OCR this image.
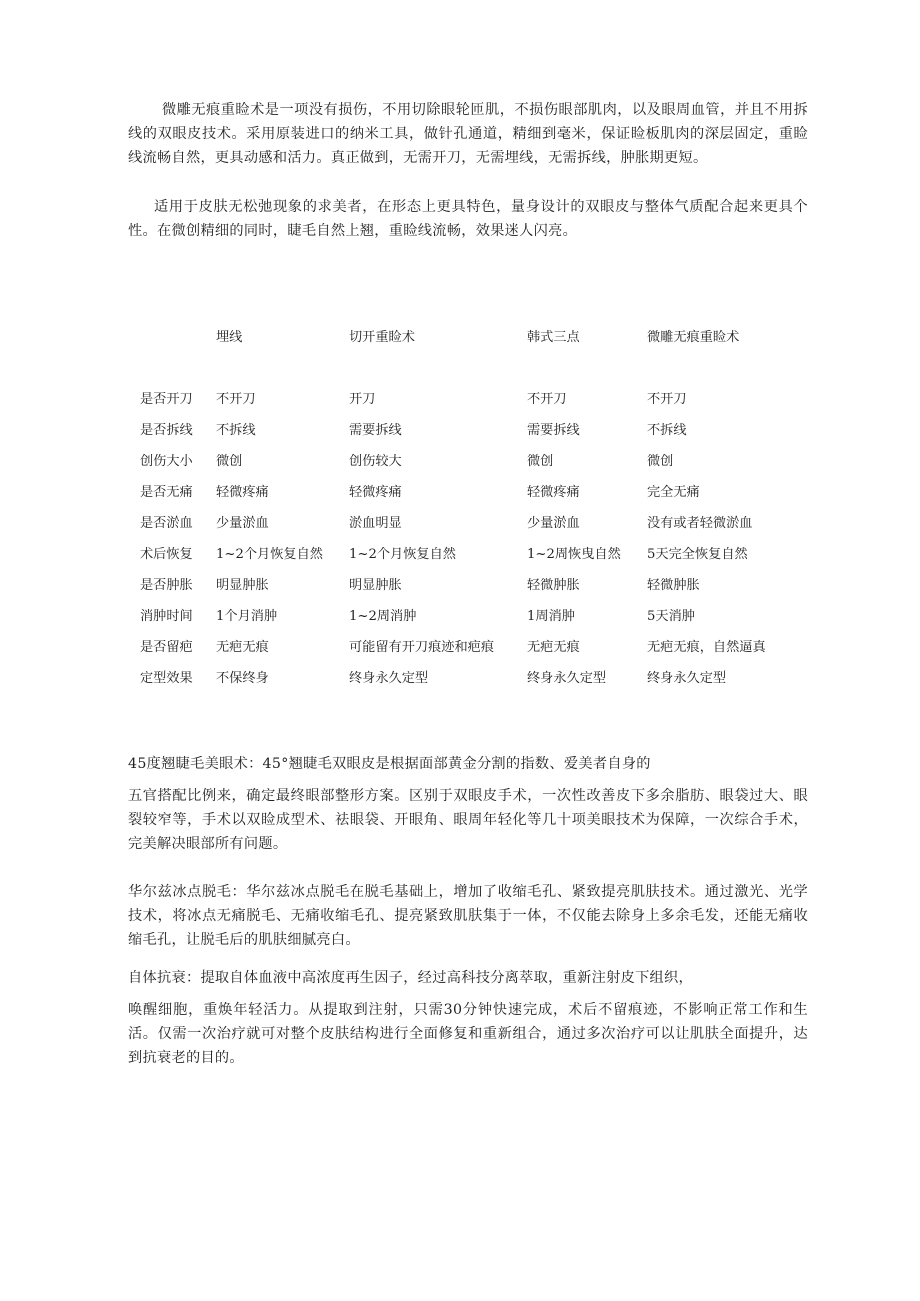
微雕无痕重睑术是一项没有损伤，不用切除眼轮匝肌，不损伤眼部肌肉，以及眼周血管，并且不用拆线的双眼皮技术。采用原装进口的纳米工具，做针孔通道，精细到毫米，保证睑板肌肉的深层固定，重睑线流畅自然，更具动感和活力。真正做到，无需开刀，无需埋线，无需拆线，肿胀期更短。

适用于皮肤无松弛现象的求美者，在形态上更具特色，量身设计的双眼皮与整体气质配合起来更具个性。在微创精细的同时，睫毛自然上翘，重睑线流畅，效果迷人闪亮。

	埋线	切开重睑术	韩式三点	微雕无痕重睑术

是否开刀	不开刀	开刀	不开刀	不开刀
是否拆线	不拆线	需要拆线	需要拆线	不拆线
创伤大小	微创	创伤较大	微创	微创
是否无痛	轻微疼痛	轻微疼痛	轻微疼痛	完全无痛
是否淤血	少量淤血	淤血明显	少量淤血	没有或者轻微淤血
术后恢复	1~2个月恢复自然	1~2个月恢复自然	1~2周恢曳自然	5天完全恢复自然
是否肿胀	明显肿胀	明显肿胀	轻微肿胀	轻微肿胀
消肿时间	1个月消肿	1~2周消肿	1周消肿	5天消肿
是否留疤	无疤无痕	可能留有开刀痕迹和疤痕	无疤无痕	无疤无痕，自然逼真
定型效果	不保终身	终身永久定型	终身永久定型	终身永久定型

45度翘睫毛美眼术：45°翘睫毛双眼皮是根据面部黄金分割的指数、爱美者自身的

五官搭配比例来，确定最终眼部整形方案。区别于双眼皮手术，一次性改善皮下多余脂肪、眼袋过大、眼裂较窄等，手术以双睑成型术、祛眼袋、开眼角、眼周年轻化等几十项美眼技术为保障，一次综合手术，完美解决眼部所有问题。

华尔兹冰点脱毛：华尔兹冰点脱毛在脱毛基础上，增加了收缩毛孔、紧致提亮肌肤技术。通过激光、光学技术，将冰点无痛脱毛、无痛收缩毛孔、提亮紧致肌肤集于一体，不仅能去除身上多余毛发，还能无痛收缩毛孔，让脱毛后的肌肤细腻亮白。

自体抗衰：提取自体血液中高浓度再生因子，经过高科技分离萃取，重新注射皮下组织，

唤醒细胞，重焕年轻活力。从提取到注射，只需30分钟快速完成，术后不留痕迹，不影响正常工作和生活。仅需一次治疗就可对整个皮肤结构进行全面修复和重新组合，通过多次治疗可以让肌肤全面提升，达到抗衰老的目的。
